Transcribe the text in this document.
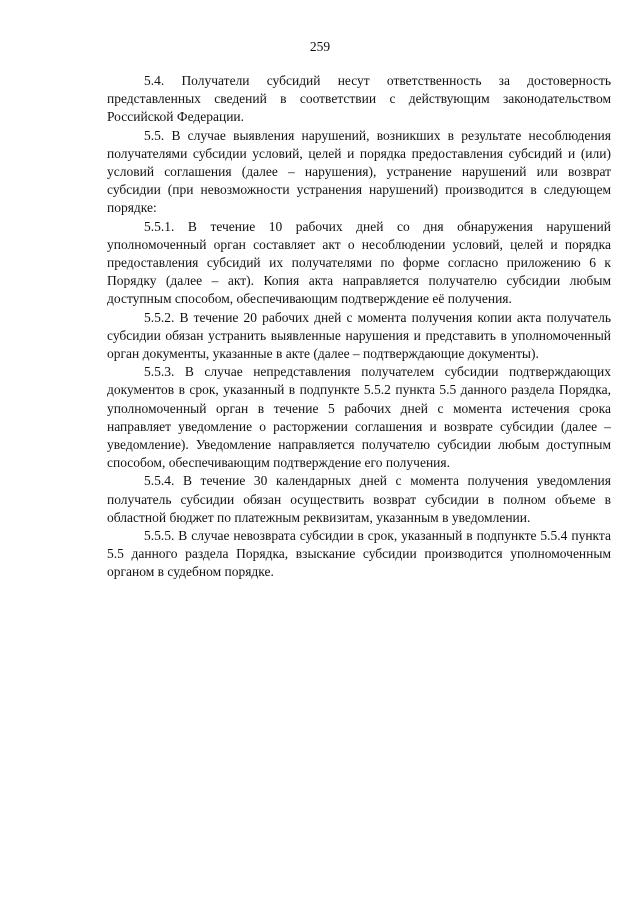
259

5.4. Получатели субсидий несут ответственность за достоверность представленных сведений в соответствии с действующим законодательством Российской Федерации.

5.5. В случае выявления нарушений, возникших в результате несоблюдения получателями субсидии условий, целей и порядка предоставления субсидий и (или) условий соглашения (далее – нарушения), устранение нарушений или возврат субсидии (при невозможности устранения нарушений) производится в следующем порядке:

5.5.1. В течение 10 рабочих дней со дня обнаружения нарушений уполномоченный орган составляет акт о несоблюдении условий, целей и порядка предоставления субсидий их получателями по форме согласно приложению 6 к Порядку (далее – акт). Копия акта направляется получателю субсидии любым доступным способом, обеспечивающим подтверждение её получения.

5.5.2. В течение 20 рабочих дней с момента получения копии акта получатель субсидии обязан устранить выявленные нарушения и представить в уполномоченный орган документы, указанные в акте (далее – подтверждающие документы).

5.5.3. В случае непредставления получателем субсидии подтверждающих документов в срок, указанный в подпункте 5.5.2 пункта 5.5 данного раздела Порядка, уполномоченный орган в течение 5 рабочих дней с момента истечения срока направляет уведомление о расторжении соглашения и возврате субсидии (далее – уведомление). Уведомление направляется получателю субсидии любым доступным способом, обеспечивающим подтверждение его получения.

5.5.4. В течение 30 календарных дней с момента получения уведомления получатель субсидии обязан осуществить возврат субсидии в полном объеме в областной бюджет по платежным реквизитам, указанным в уведомлении.

5.5.5. В случае невозврата субсидии в срок, указанный в подпункте 5.5.4 пункта 5.5 данного раздела Порядка, взыскание субсидии производится уполномоченным органом в судебном порядке.
